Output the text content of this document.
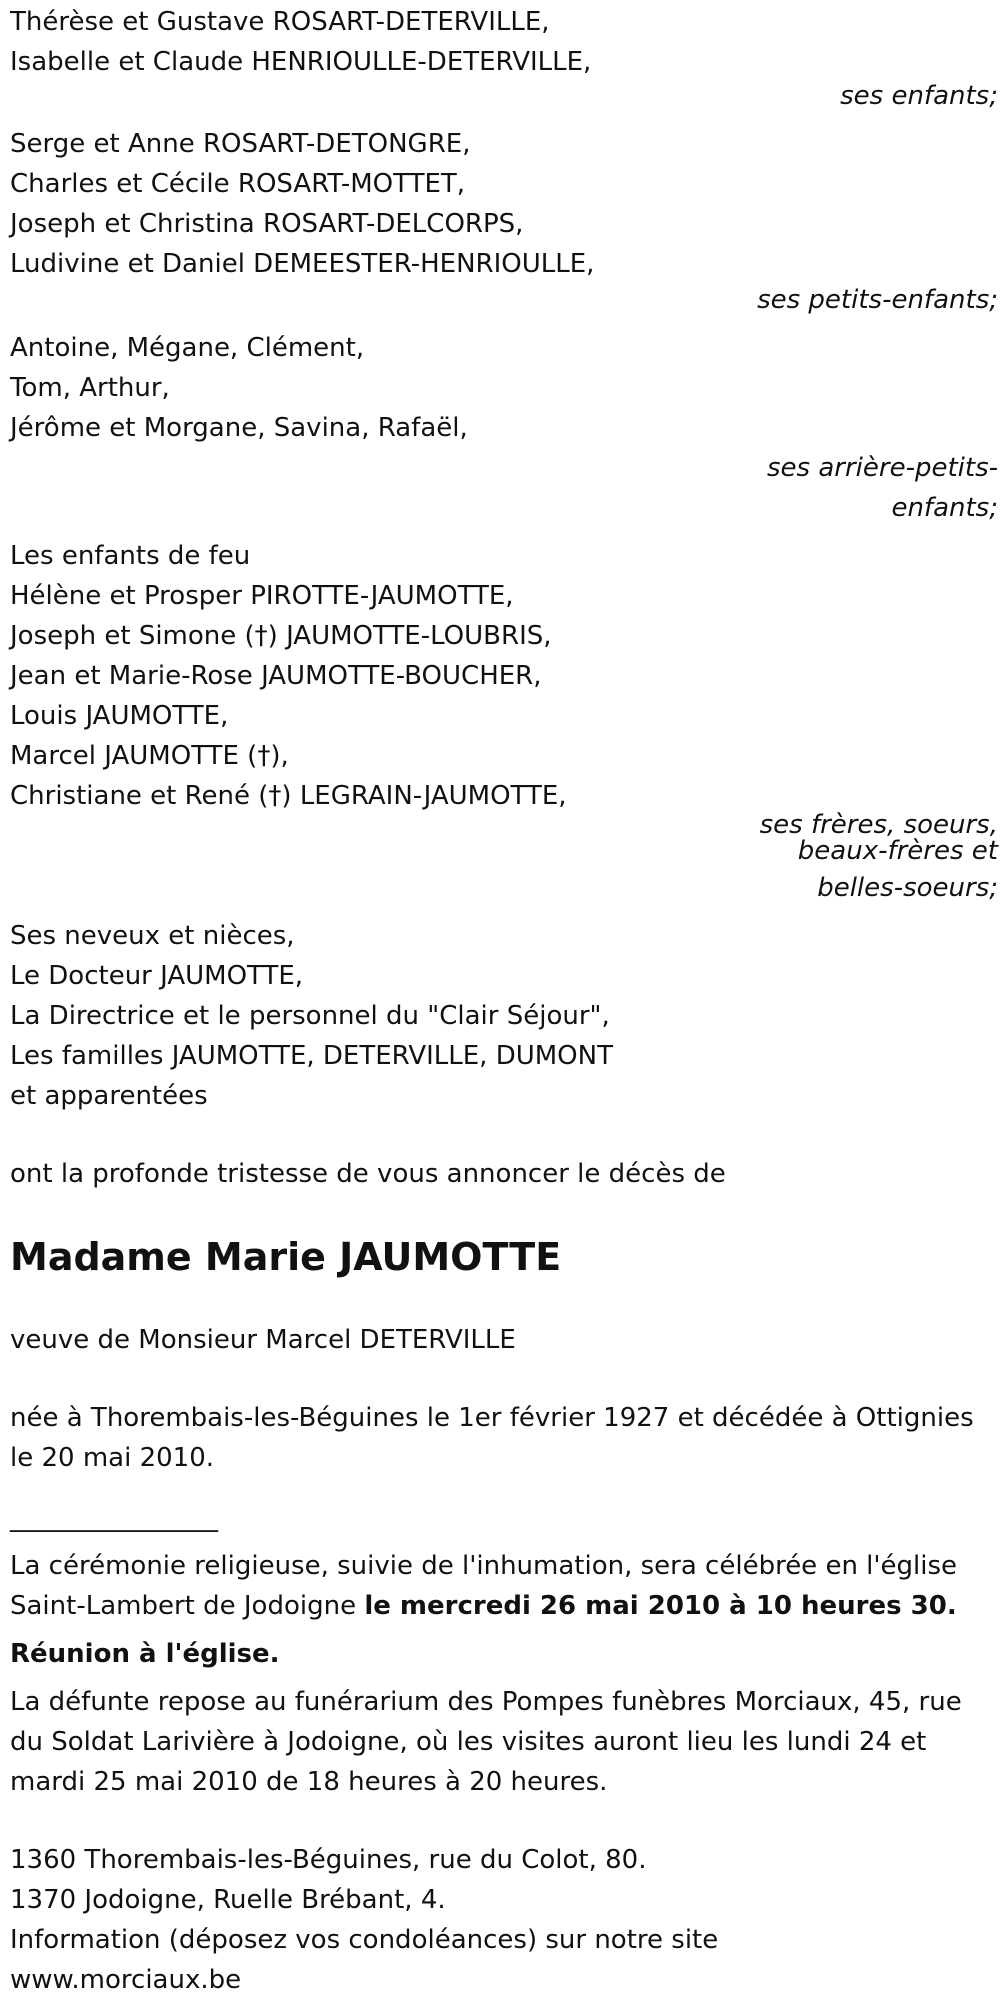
Thérèse et Gustave ROSART-DETERVILLE,

Isabelle et Claude HENRIOULLE-DETERVILLE,

ses enfants;

Serge et Anne ROSART-DETONGRE,

Charles et Cécile ROSART-MOTTET,

Joseph et Christina ROSART-DELCORPS,

Ludivine et Daniel DEMEESTER-HENRIOULLE,

ses petits-enfants;

Antoine, Mégane, Clément,

Tom, Arthur,

Jérôme et Morgane, Savina, Rafaël,

ses arrière-petits-

enfants;

Les enfants de feu

Hélène et Prosper PIROTTE-JAUMOTTE,

Joseph et Simone (†) JAUMOTTE-LOUBRIS,

Jean et Marie-Rose JAUMOTTE-BOUCHER,

Louis JAUMOTTE,

Marcel JAUMOTTE (†),

Christiane et René (†) LEGRAIN-JAUMOTTE,

ses frères, soeurs,

beaux-frères et

belles-soeurs;

Ses neveux et nièces,

Le Docteur JAUMOTTE,

La Directrice et le personnel du "Clair Séjour",

Les familles JAUMOTTE, DETERVILLE, DUMONT

et apparentées

ont la profonde tristesse de vous annoncer le décès de

Madame Marie JAUMOTTE

veuve de Monsieur Marcel DETERVILLE

née à Thorembais-les-Béguines le 1er février 1927 et décédée à Ottignies le 20 mai 2010.

________________

La cérémonie religieuse, suivie de l'inhumation, sera célébrée en l'église Saint-Lambert de Jodoigne le mercredi 26 mai 2010 à 10 heures 30.

Réunion à l'église.

La défunte repose au funérarium des Pompes funèbres Morciaux, 45, rue du Soldat Larivière à Jodoigne, où les visites auront lieu les lundi 24 et mardi 25 mai 2010 de 18 heures à 20 heures.

1360 Thorembais-les-Béguines, rue du Colot, 80.

1370 Jodoigne, Ruelle Brébant, 4.

Information (déposez vos condoléances) sur notre site

www.morciaux.be
